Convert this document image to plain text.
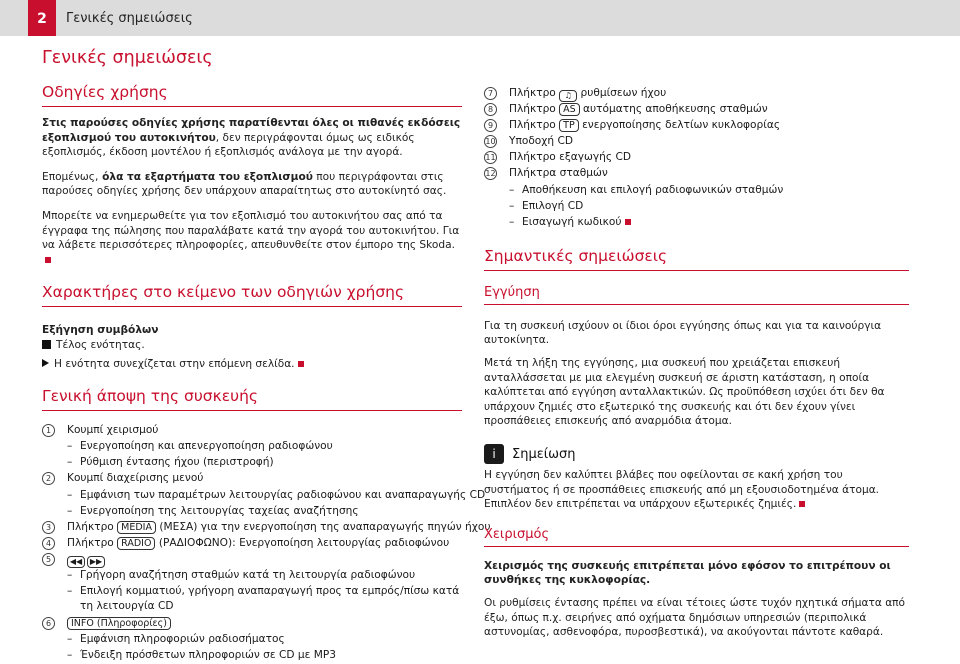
2	Γενικές σημειώσεις
Γενικές σημειώσεις
Οδηγίες χρήσης
Στις παρούσες οδηγίες χρήσης παρατίθενται όλες οι πιθανές εκδόσεις εξοπλισμού του αυτοκινήτου, δεν περιγράφονται όμως ως ειδικός εξοπλισμός, έκδοση μοντέλου ή εξοπλισμός ανάλογα με την αγορά.
Επομένως, όλα τα εξαρτήματα του εξοπλισμού που περιγράφονται στις παρούσες οδηγίες χρήσης δεν υπάρχουν απαραίτητως στο αυτοκίνητό σας.
Μπορείτε να ενημερωθείτε για τον εξοπλισμό του αυτοκινήτου σας από τα έγγραφα της πώλησης που παραλάβατε κατά την αγορά του αυτοκινήτου. Για να λάβετε περισσότερες πληροφορίες, απευθυνθείτε στον έμπορο της Skoda.
Χαρακτήρες στο κείμενο των οδηγιών χρήσης
Εξήγηση συμβόλων
Τέλος ενότητας.
Η ενότητα συνεχίζεται στην επόμενη σελίδα.
Γενική άποψη της συσκευής
1	Κουμπί χειρισμού
– Ενεργοποίηση και απενεργοποίηση ραδιοφώνου
– Ρύθμιση έντασης ήχου (περιστροφή)
2	Κουμπί διαχείρισης μενού
– Εμφάνιση των παραμέτρων λειτουργίας ραδιοφώνου και αναπαραγωγής CD
– Ενεργοποίηση της λειτουργίας ταχείας αναζήτησης
3	Πλήκτρο MEDIA (ΜΕΣΑ) για την ενεργοποίηση της αναπαραγωγής πηγών ήχου
4	Πλήκτρο RADIO (ΡΑΔΙΟΦΩΝΟ): Ενεργοποίηση λειτουργίας ραδιοφώνου
5	◀◀ ▶▶
– Γρήγορη αναζήτηση σταθμών κατά τη λειτουργία ραδιοφώνου
– Επιλογή κομματιού, γρήγορη αναπαραγωγή προς τα εμπρός/πίσω κατά τη λειτουργία CD
6	INFO (Πληροφορίες)
– Εμφάνιση πληροφοριών ραδιοσήματος
– Ένδειξη πρόσθετων πληροφοριών σε CD με MP3
7	Πλήκτρο ♫ ρυθμίσεων ήχου
8	Πλήκτρο AS αυτόματης αποθήκευσης σταθμών
9	Πλήκτρο TP ενεργοποίησης δελτίων κυκλοφορίας
10 Υποδοχή CD
11 Πλήκτρο εξαγωγής CD
12 Πλήκτρα σταθμών
– Αποθήκευση και επιλογή ραδιοφωνικών σταθμών
– Επιλογή CD
– Εισαγωγή κωδικού
Σημαντικές σημειώσεις
Εγγύηση
Για τη συσκευή ισχύουν οι ίδιοι όροι εγγύησης όπως και για τα καινούργια αυτοκίνητα.
Μετά τη λήξη της εγγύησης, μια συσκευή που χρειάζεται επισκευή ανταλλάσσεται με μια ελεγμένη συσκευή σε άριστη κατάσταση, η οποία καλύπτεται από εγγύηση ανταλλακτικών. Ως προϋπόθεση ισχύει ότι δεν θα υπάρχουν ζημιές στο εξωτερικό της συσκευής και ότι δεν έχουν γίνει προσπάθειες επισκευής από αναρμόδια άτομα.
i	Σημείωση
Η εγγύηση δεν καλύπτει βλάβες που οφείλονται σε κακή χρήση του συστήματος ή σε προσπάθειες επισκευής από μη εξουσιοδοτημένα άτομα. Επιπλέον δεν επιτρέπεται να υπάρχουν εξωτερικές ζημιές.
Χειρισμός
Χειρισμός της συσκευής επιτρέπεται μόνο εφόσον το επιτρέπουν οι συνθήκες της κυκλοφορίας.
Οι ρυθμίσεις έντασης πρέπει να είναι τέτοιες ώστε τυχόν ηχητικά σήματα από έξω, όπως π.χ. σειρήνες από οχήματα δημόσιων υπηρεσιών (περιπολικά αστυνομίας, ασθενοφόρα, πυροσβεστικά), να ακούγονται πάντοτε καθαρά.
